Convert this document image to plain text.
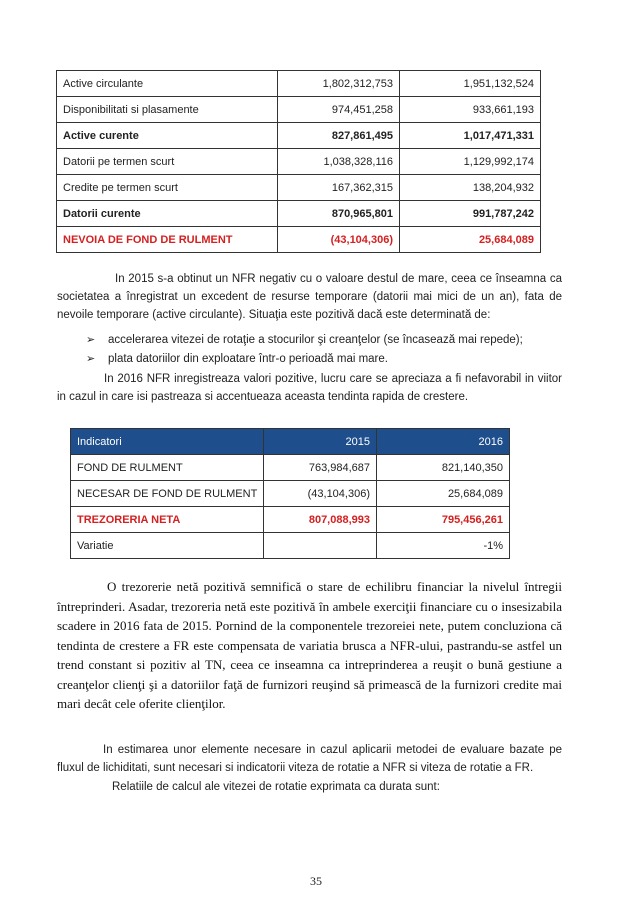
Active circulante	1,802,312,753	1,951,132,524
Disponibilitati si plasamente	974,451,258	933,661,193
Active curente	827,861,495	1,017,471,331
Datorii pe termen scurt	1,038,328,116	1,129,992,174
Credite pe termen scurt	167,362,315	138,204,932
Datorii curente	870,965,801	991,787,242
NEVOIA DE FOND DE RULMENT	(43,104,306)	25,684,089
In 2015 s-a obtinut un NFR negativ cu o valoare destul de mare, ceea ce înseamna ca societatea a înregistrat un excedent de resurse temporare (datorii mai mici de un an), fata de nevoile temporare (active circulante). Situaţia este pozitivă dacă este determinată de:
➢ accelerarea vitezei de rotaţie a stocurilor şi creanţelor (se încasează mai repede);
➢ plata datoriilor din exploatare într-o perioadă mai mare.
In 2016 NFR inregistreaza valori pozitive, lucru care se apreciaza a fi nefavorabil in viitor in cazul in care isi pastreaza si accentueaza aceasta tendinta rapida de crestere.
Indicatori	2015	2016
FOND DE RULMENT	763,984,687	821,140,350
NECESAR DE FOND DE RULMENT	(43,104,306)	25,684,089
TREZORERIA NETA	807,088,993	795,456,261
Variatie		-1%
O trezorerie netă pozitivă semnifică o stare de echilibru financiar la nivelul întregii întreprinderi. Asadar, trezoreria netă este pozitivă în ambele exerciţii financiare cu o insesizabila scadere in 2016 fata de 2015. Pornind de la componentele trezoreiei nete, putem concluziona că tendinta de crestere a FR este compensata de variatia brusca a NFR-ului, pastrandu-se astfel un trend constant si pozitiv al TN, ceea ce inseamna ca intreprinderea a reuşit o bună gestiune a creanţelor clienţi şi a datoriilor faţă de furnizori reuşind să primească de la furnizori credite mai mari decât cele oferite clienţilor.
In estimarea unor elemente necesare in cazul aplicarii metodei de evaluare bazate pe fluxul de lichiditati, sunt necesari si indicatorii viteza de rotatie a NFR si viteza de rotatie a FR.
Relatiile de calcul ale vitezei de rotatie exprimata ca durata sunt:
35
